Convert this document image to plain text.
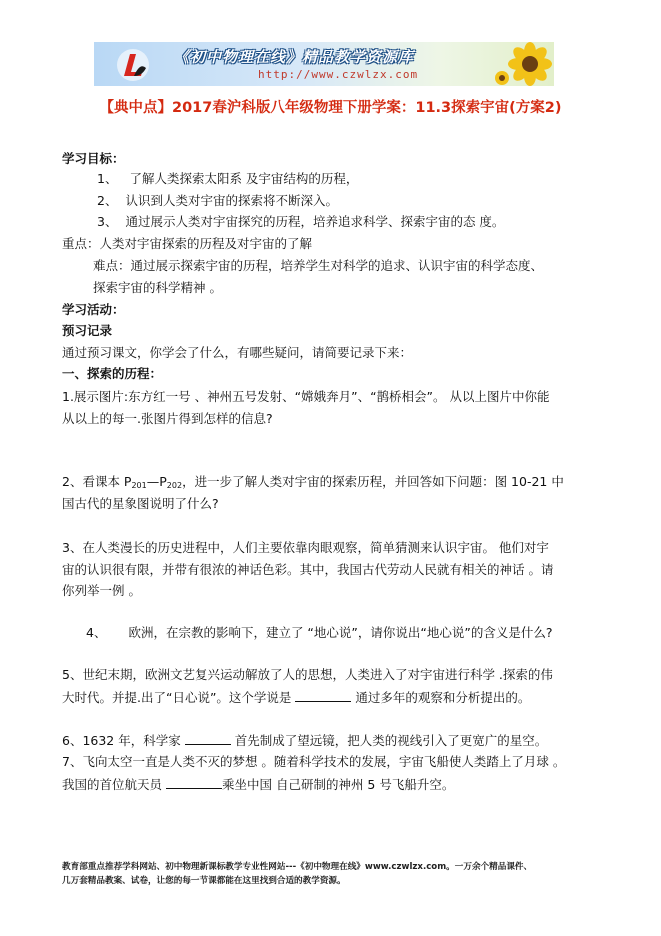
《初中物理在线》精品教学资源库
http://www.czwlzx.com
【典中点】2017春沪科版八年级物理下册学案：11.3探索宇宙(方案2)
学习目标：
1、 了解人类探索太阳系 及宇宙结构的历程，
2、 认识到人类对宇宙的探索将不断深入。
3、 通过展示人类对宇宙探究的历程，培养追求科学、探索宇宙的态 度。
重点：人类对宇宙探索的历程及对宇宙的了解
难点：通过展示探索宇宙的历程，培养学生对科学的追求、认识宇宙的科学态度、
探索宇宙的科学精神 。
学习活动：
预习记录
通过预习课文，你学会了什么，有哪些疑问，请简要记录下来：
一、探索的历程：
1.展示图片:东方红一号 、神州五号发射、“嫦娥奔月”、“鹊桥相会”。 从以上图片中你能
从以上的每一.张图片得到怎样的信息?
2、看课本 $P_{201}—P_{202}$，进一步了解人类对宇宙的探索历程，并回答如下问题：图 10-21 中
国古代的星象图说明了什么?
3、在人类漫长的历史进程中，人们主要依靠肉眼观察，简单猜测来认识宇宙。 他们对宇
宙的认识很有限，并带有很浓的神话色彩。其中，我国古代劳动人民就有相关的神话 。请
你列举一例 。
4、 欧洲，在宗教的影响下，建立了 “地心说”，请你说出“地心说”的含义是什么?
5、世纪末期，欧洲文艺复兴运动解放了人的思想，人类进入了对宇宙进行科学 .探索的伟
大时代。并提.出了“日心说”。这个学说是	通过多年的观察和分析提出的。
6、1632 年，科学家	首先制成了望远镜，把人类的视线引入了更宽广的星空。
7、飞向太空一直是人类不灭的梦想 。随着科学技术的发展，宇宙飞船使人类踏上了月球 。
我国的首位航天员	乘坐中国 自己研制的神州 5 号飞船升空。
教育部重点推荐学科网站、初中物理新课标教学专业性网站---《初中物理在线》www.czwlzx.com。一万余个精品课件、
几万套精品教案、试卷，让您的每一节课都能在这里找到合适的教学资源。
